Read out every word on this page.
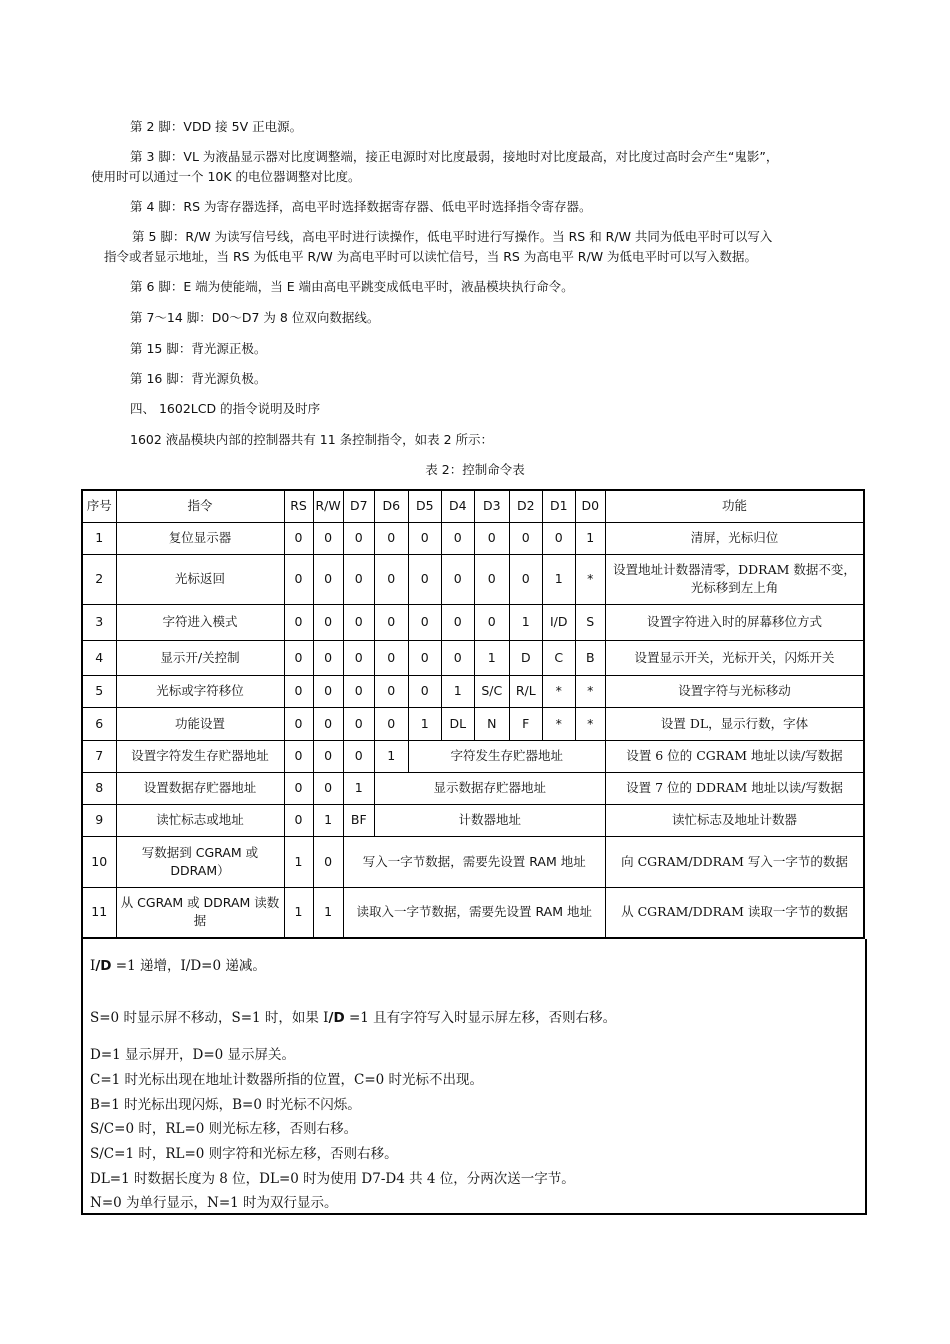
第 2 脚：VDD 接 5V 正电源。
第 3 脚：VL 为液晶显示器对比度调整端，接正电源时对比度最弱，接地时对比度最高，对比度过高时会产生“鬼影”，
使用时可以通过一个 10K 的电位器调整对比度。
第 4 脚：RS 为寄存器选择，高电平时选择数据寄存器、低电平时选择指令寄存器。
第 5 脚：R/W 为读写信号线，高电平时进行读操作，低电平时进行写操作。当 RS 和 R/W 共同为低电平时可以写入
指令或者显示地址，当 RS 为低电平 R/W 为高电平时可以读忙信号，当 RS 为高电平 R/W 为低电平时可以写入数据。
第 6 脚：E 端为使能端，当 E 端由高电平跳变成低电平时，液晶模块执行命令。
第 7～14 脚：D0～D7 为 8 位双向数据线。
第 15 脚：背光源正极。
第 16 脚：背光源负极。
四、 1602LCD 的指令说明及时序
1602 液晶模块内部的控制器共有 11 条控制指令，如表 2 所示：
表 2：控制命令表
序号	指令	RS	R/W	D7	D6	D5	D4	D3	D2	D1	D0	功能
1	复位显示器	0	0	0	0	0	0	0	0	0	1	清屏，光标归位
2	光标返回	0	0	0	0	0	0	0	0	1	*	设置地址计数器清零，DDRAM 数据不变，光标移到左上角
3	字符进入模式	0	0	0	0	0	0	0	1	I/D	S	设置字符进入时的屏幕移位方式
4	显示开/关控制	0	0	0	0	0	0	1	D	C	B	设置显示开关，光标开关，闪烁开关
5	光标或字符移位	0	0	0	0	0	1	S/C	R/L	*	*	设置字符与光标移动
6	功能设置	0	0	0	0	1	DL	N	F	*	*	设置 DL，显示行数，字体
7	设置字符发生存贮器地址	0	0	0	1	字符发生存贮器地址						设置 6 位的 CGRAM 地址以读/写数据
8	设置数据存贮器地址	0	0	1	显示数据存贮器地址							设置 7 位的 DDRAM 地址以读/写数据
9	读忙标志或地址	0	1	BF	计数器地址							读忙标志及地址计数器
10	写数据到 CGRAM 或 DDRAM）	1	0	写入一字节数据，需要先设置 RAM 地址								向 CGRAM/DDRAM 写入一字节的数据
11	从 CGRAM 或 DDRAM 读数据	1	1	读取入一字节数据，需要先设置 RAM 地址								从 CGRAM/DDRAM 读取一字节的数据
I/D =1 递增，I/D=0 递减。
S=0 时显示屏不移动，S=1 时，如果 I/D =1 且有字符写入时显示屏左移，否则右移。
D=1 显示屏开，D=0 显示屏关。
C=1 时光标出现在地址计数器所指的位置，C=0 时光标不出现。
B=1 时光标出现闪烁，B=0 时光标不闪烁。
S/C=0 时，RL=0 则光标左移，否则右移。
S/C=1 时，RL=0 则字符和光标左移，否则右移。
DL=1 时数据长度为 8 位，DL=0 时为使用 D7-D4 共 4 位，分两次送一字节。
N=0 为单行显示，N=1 时为双行显示。
